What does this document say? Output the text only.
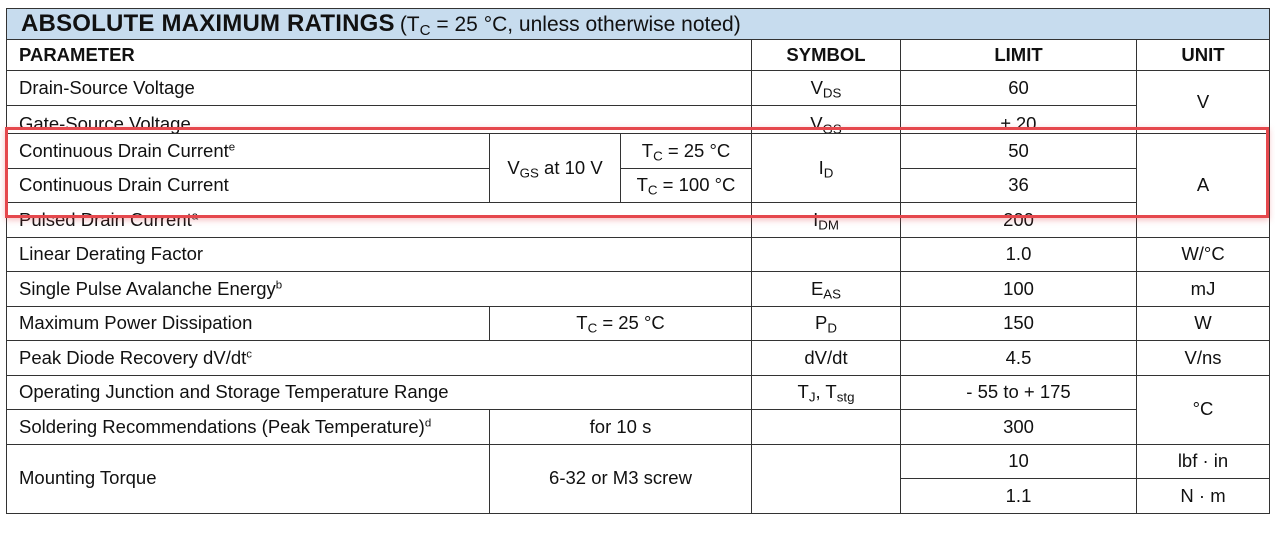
ABSOLUTE MAXIMUM RATINGS ($T_C = 25$ °C, unless otherwise noted)					
PARAMETER			SYMBOL	LIMIT	UNIT
Drain-Source Voltage			$V_{DS}$	60	V

Gate-Source Voltage			$V_{GS}$	± 20	

Continuous Drain Current$^e$	$V_{GS}$ at 10 V	$T_C = 25$ °C	$I_D$	50	A
Continuous Drain Current		$T_C = 100$ °C		36	
Pulsed Drain Current$^a$			$I_{DM}$	200	
Linear Derating Factor				1.0	W/°C
Single Pulse Avalanche Energy$^b$			$E_{AS}$	100	mJ
Maximum Power Dissipation	$T_C = 25$ °C		$P_D$	150	W
Peak Diode Recovery $dV/dt^c$			dV/dt	4.5	V/ns
Operating Junction and Storage Temperature Range			$T_J$, $T_{stg}$	- 55 to + 175	°C
Soldering Recommendations (Peak Temperature)$^d$	for 10 s			300	
Mounting Torque	6-32 or M3 screw			10	lbf · in
				1.1	N · m
